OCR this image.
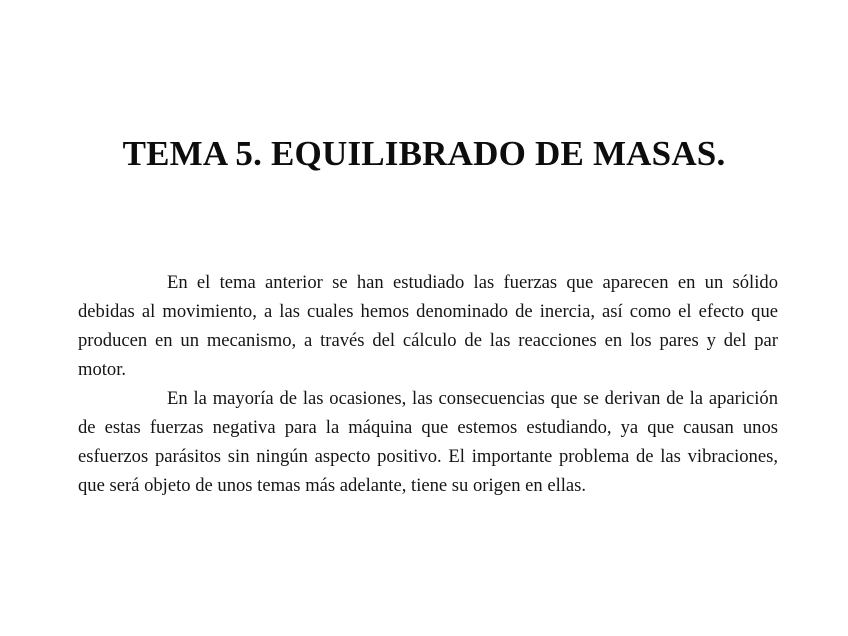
TEMA 5. EQUILIBRADO DE MASAS.

En el tema anterior se han estudiado las fuerzas que aparecen en un sólido debidas al movimiento, a las cuales hemos denominado de inercia, así como el efecto que producen en un mecanismo, a través del cálculo de las reacciones en los pares y del par motor.

En la mayoría de las ocasiones, las consecuencias que se derivan de la aparición de estas fuerzas negativa para la máquina que estemos estudiando, ya que causan unos esfuerzos parásitos sin ningún aspecto positivo. El importante problema de las vibraciones, que será objeto de unos temas más adelante, tiene su origen en ellas.
